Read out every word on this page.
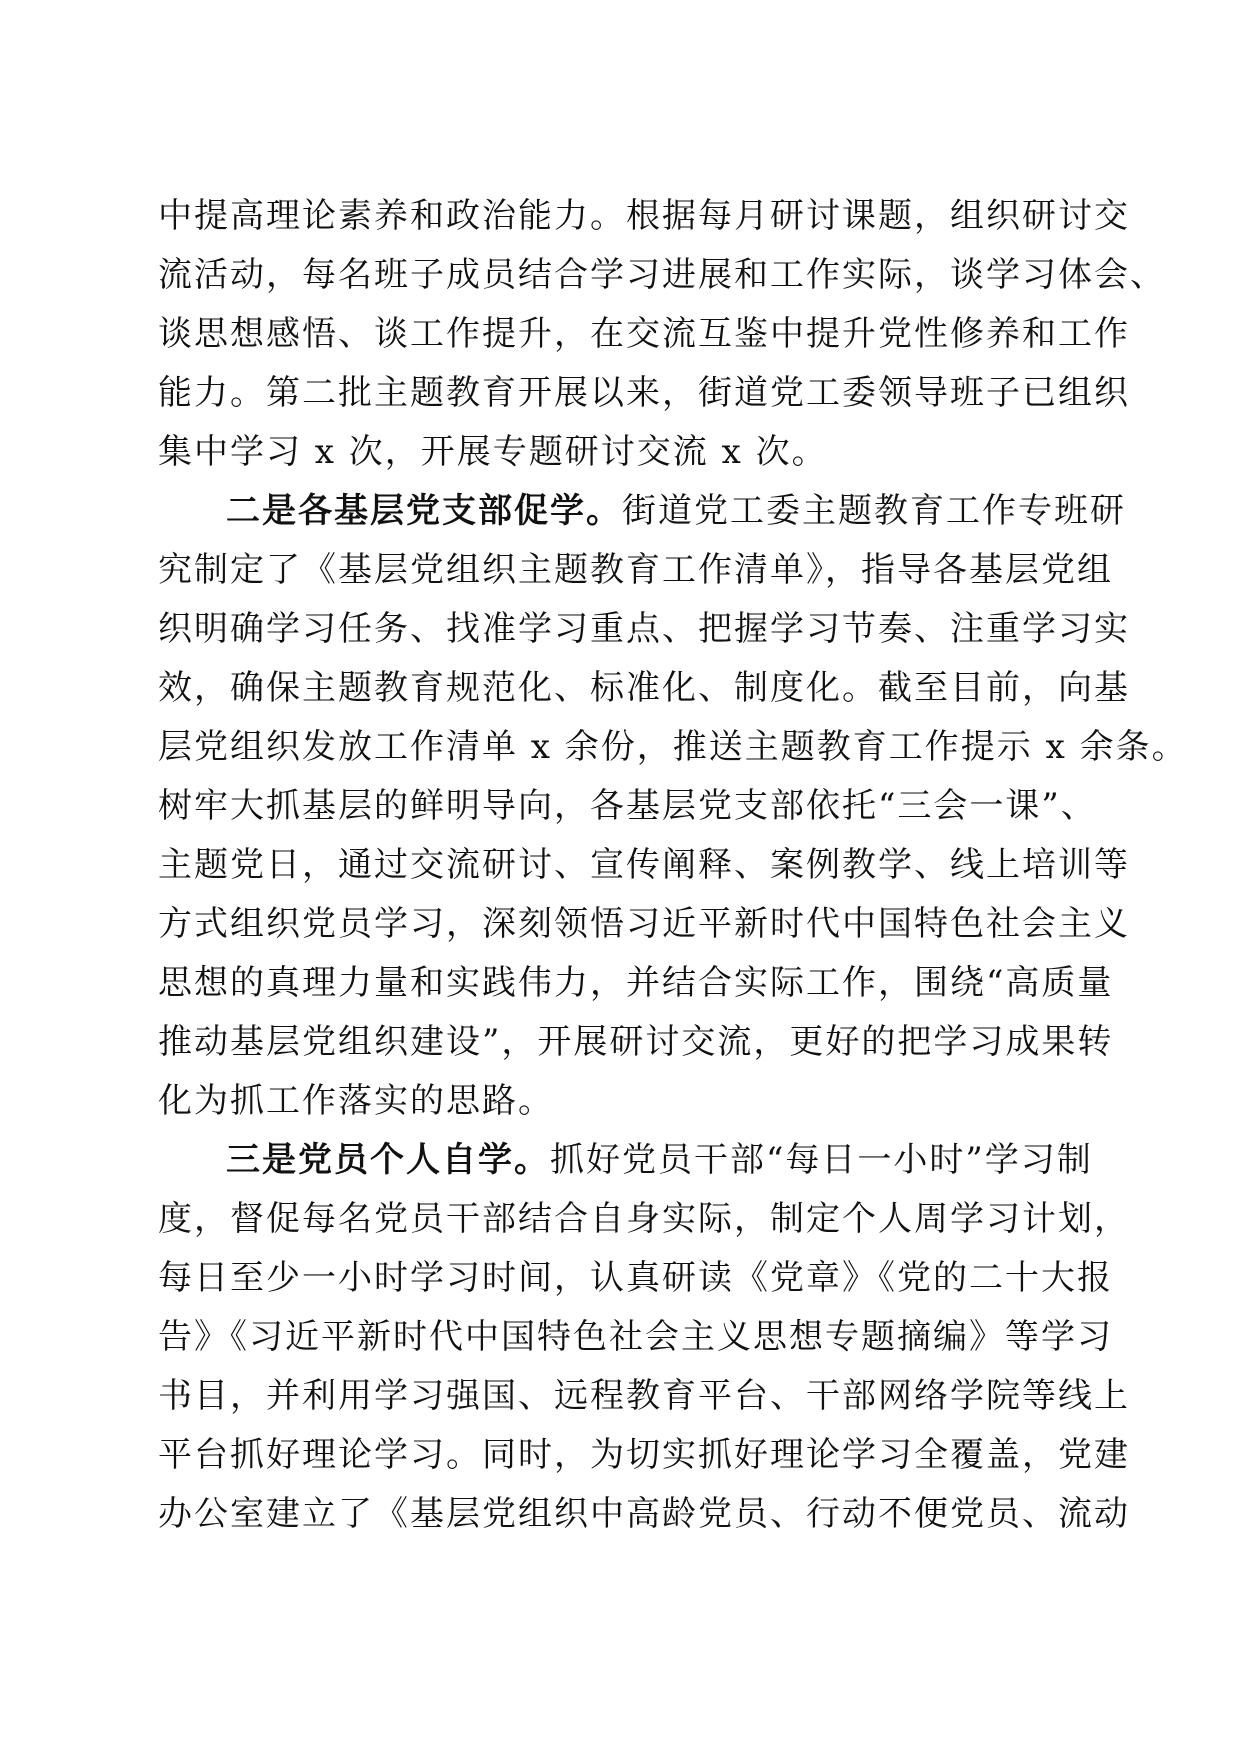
中提高理论素养和政治能力。根据每月研讨课题，组织研讨交
流活动，每名班子成员结合学习进展和工作实际，谈学习体会、
谈思想感悟、谈工作提升，在交流互鉴中提升党性修养和工作
能力。第二批主题教育开展以来，街道党工委领导班子已组织
集中学习 x 次，开展专题研讨交流 x 次。
二是各基层党支部促学。街道党工委主题教育工作专班研
究制定了《基层党组织主题教育工作清单》，指导各基层党组
织明确学习任务、找准学习重点、把握学习节奏、注重学习实
效，确保主题教育规范化、标准化、制度化。截至目前，向基
层党组织发放工作清单 x 余份，推送主题教育工作提示 x 余条。
树牢大抓基层的鲜明导向，各基层党支部依托“三会一课”、
主题党日，通过交流研讨、宣传阐释、案例教学、线上培训等
方式组织党员学习，深刻领悟习近平新时代中国特色社会主义
思想的真理力量和实践伟力，并结合实际工作，围绕“高质量
推动基层党组织建设”，开展研讨交流，更好的把学习成果转
化为抓工作落实的思路。
三是党员个人自学。抓好党员干部“每日一小时”学习制
度，督促每名党员干部结合自身实际，制定个人周学习计划，
每日至少一小时学习时间，认真研读《党章》《党的二十大报
告》《习近平新时代中国特色社会主义思想专题摘编》等学习
书目，并利用学习强国、远程教育平台、干部网络学院等线上
平台抓好理论学习。同时，为切实抓好理论学习全覆盖，党建
办公室建立了《基层党组织中高龄党员、行动不便党员、流动
